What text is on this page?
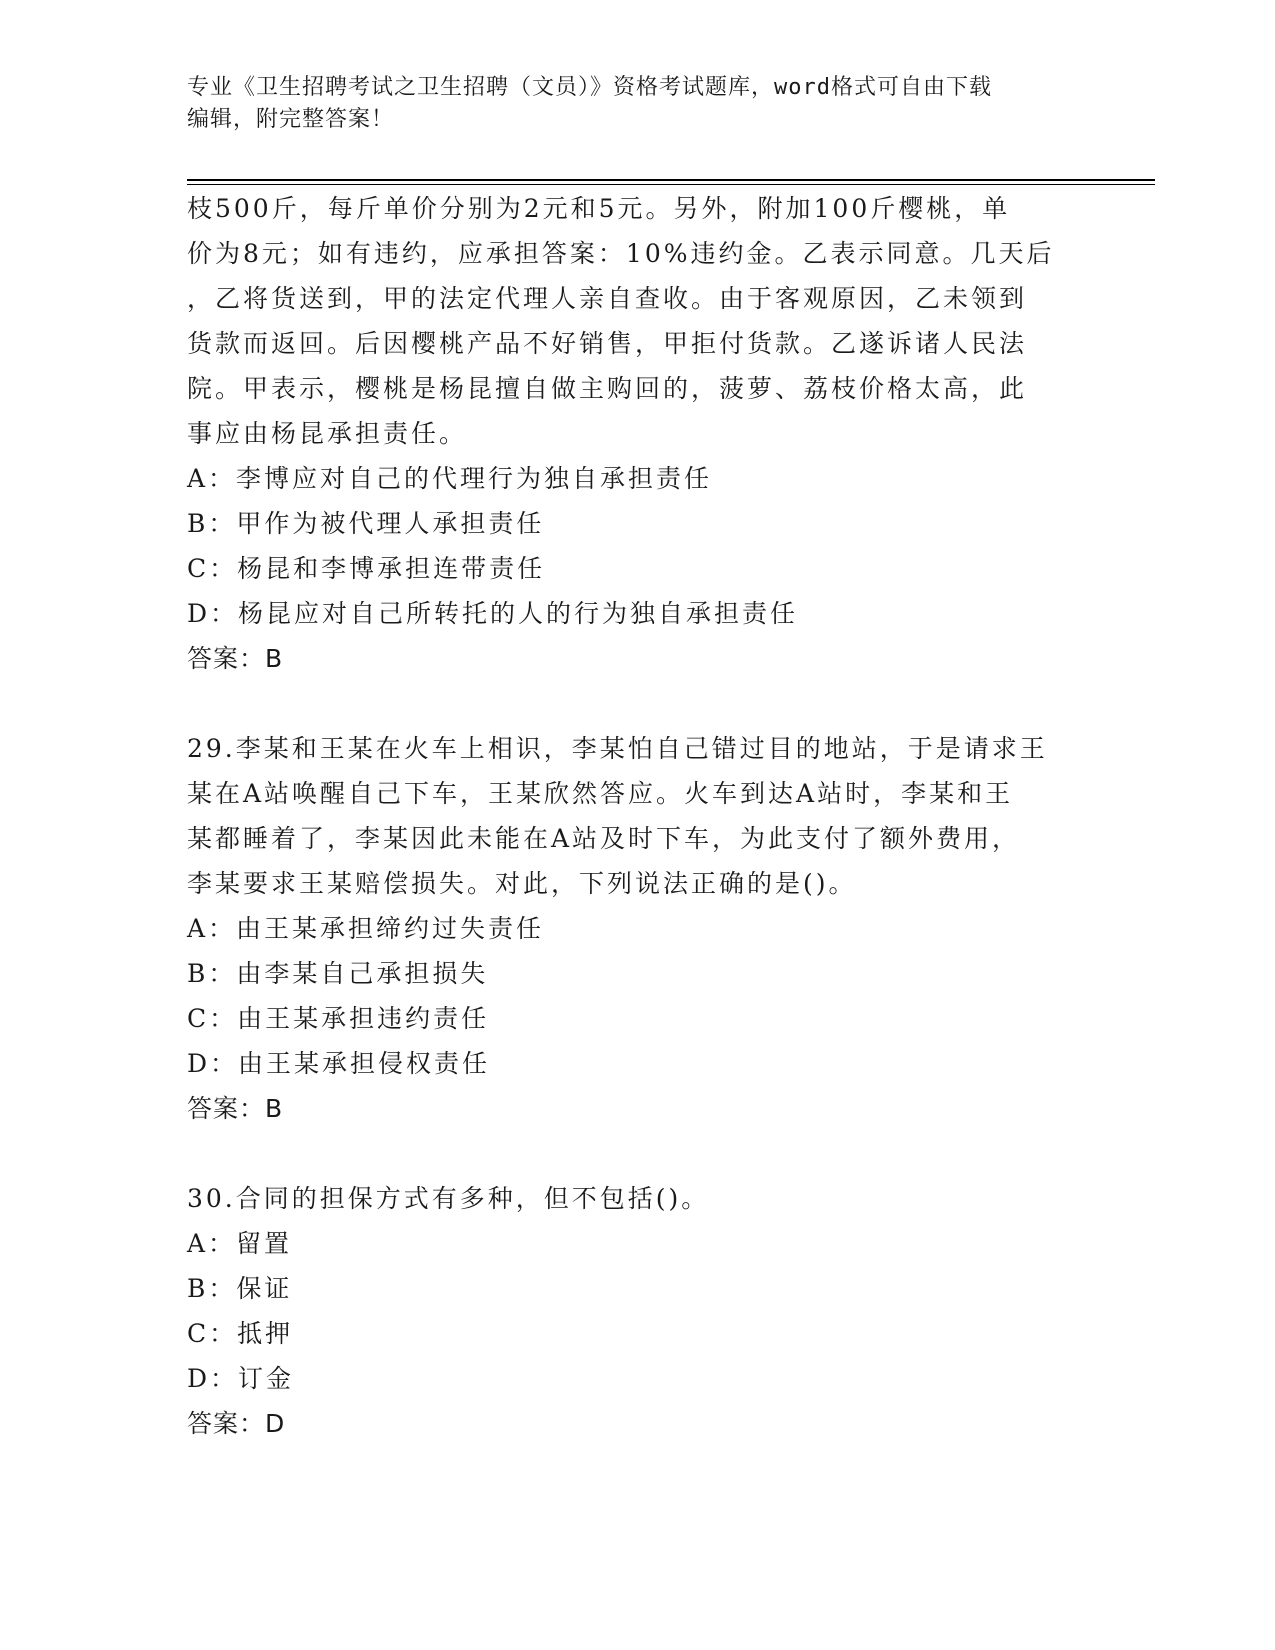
专业《卫生招聘考试之卫生招聘（文员）》资格考试题库，word格式可自由下载
编辑，附完整答案！
枝500斤，每斤单价分别为2元和5元。另外，附加100斤樱桃，单
价为8元；如有违约，应承担答案：10%违约金。乙表示同意。几天后
，乙将货送到，甲的法定代理人亲自查收。由于客观原因，乙未领到
货款而返回。后因樱桃产品不好销售，甲拒付货款。乙遂诉诸人民法
院。甲表示，樱桃是杨昆擅自做主购回的，菠萝、荔枝价格太高，此
事应由杨昆承担责任。
A：李博应对自己的代理行为独自承担责任
B：甲作为被代理人承担责任
C：杨昆和李博承担连带责任
D：杨昆应对自己所转托的人的行为独自承担责任
答案：B
29.李某和王某在火车上相识，李某怕自己错过目的地站，于是请求王
某在A站唤醒自己下车，王某欣然答应。火车到达A站时，李某和王
某都睡着了，李某因此未能在A站及时下车，为此支付了额外费用，
李某要求王某赔偿损失。对此，下列说法正确的是()。
A：由王某承担缔约过失责任
B：由李某自己承担损失
C：由王某承担违约责任
D：由王某承担侵权责任
答案：B
30.合同的担保方式有多种，但不包括()。
A：留置
B：保证
C：抵押
D：订金
答案：D
